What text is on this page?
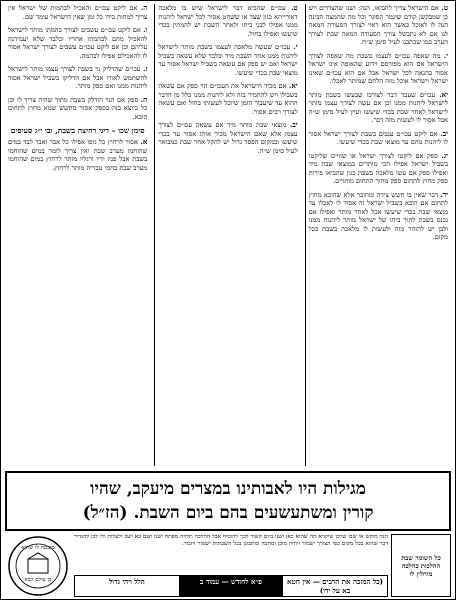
ט. אם הישראל צריך להביאו, הנה: ושנו שהצדדים ויש כן שמבקשן קודם שיגמר הסוגר וכל מה שהמצה הבינה הנה לו לאוכל כאשר הוא ראוי לצורך הסעודה המאה לנו אם לא נתבשל צורך הסעודה המאה שבת לצורך הערב כמו שכתבנו לעיל סימן ש״ח.

י. מה שאפה עכו״ם לעצמו בשבת מה שאפה לצורך הישראל אם הוא מפורסם וידוע שהאופה אינו ישראל אסור בהנאה לכל ישראל אבל אם הוא עכו״ם שאינו ישראל וישראל אוכל מזה הלחם שמותר לאכלו.

יא. עכו״ם שעבד דבר לצורכו שבעשו בשבת מותר לישראל ליהנות ממנו וכן אם עשה לצורך עצמו מותר לישראל לאחר שבת בכדי שיעשו ועיין לעיל סימן ש״ה אבל אסור לו לעשות מזה דבר.

יב. אם ליקט עכו״ם ענבים בשבת לצורך ישראל אסור לו ליהנות מהם עד מוצאי שבת בכדי שיעשו.

יג. ספק אם ליקטו לצורך ישראל או שוויים שליקטו בשביל ישראל אפילו הכי מותרים במוצאי שבת מיד ואפילו ספק אם עשו מלאכה בשבת כגון שהביאו פירות ספק מחוץ לתחום ספק מתוך התחום מותרים.

יד. דבר שאין בו חשש צידה ומחובר אלא שהובא מחוץ לתחום אם הובא בשביל ישראל זה אסור לו לאכלו עד מוצאי שבת בכדי שיעשו אבל לאחר מותר ואפילו אם נכנס בשבת לתוך ביתו של ישראל מותר ליהנות ממנו ולכן יש להזהר מזה ולעשות לו מלאכה בשבת בכל מקום.

ט. עכו״ם שהביא דבר לישראל שיש בו מלאכה דאורייתא כגון שצד או ששחט אסור לכל ישראל ליהנות ממנו אפילו לבני ביתו ולאחר השבת יש להמתין בכדי שיעשו ואפילו בחול.

י. עכו״ם שעשה מלאכה לעצמו בשבת מותר לישראל ליהנות ממנו אחר השבת מיד ובלבד שלא עשאה בשביל ישראל ואם יש ספק אם עשאה בשביל ישראל אסור עד מוצאי שבת בכדי שיעשו.

יא. אם מכיר הישראל את העכו״ם הוי ספק אם עשאה בשבילו ויש להחמיר בזה ולא ליהנות ממנו כלל מן הדבר ההוא עד שיעבור הזמן שיוכל לעשותו בחול ואם עשאה לצורך רבים אסור.

יב. מוצאי שבת מותר מיד אם עשאה עכו״ם לצורך עצמו אלא שאם הישראל מכיר אותו אסור עד בכדי שיעשו ובמקום הפסד גדול יש להקל אחר שבת כמבואר לעיל סימן ש״ה.

ה. אם ליקט עכו״ם והאכיל לבהמות של ישראל אין צריך למחות בידו כל זמן שאין הישראל עומד שם.

ו. אם ליקט עכו״ם עשבים לצורך בהמתו מותר לישראל להאכיל מהם לבהמתו אחריו ובלבד שלא יעמידנה עליהם וכן אם ליקט עכו״ם עשבים לצורך ישראל אסור לו להאכילם אפילו לבהמה.

ז. עכו״ם שהדליק נר בשבת לצורך עצמו מותר לישראל להשתמש לאורו אבל אם הדליקו בשביל ישראל אסור ליהנות ממנו ואם ספק מותר.

ח. ספק אם הנר הודלק בשבת מתוך שהיה צריך לו וכן כל כיוצא בזה בספק אסור מחשש שמא מחוץ לתחום הובא.

סימן שכו – דיני רחיצה בשבת, ובו י״ג סעיפים

א. אסור לרחוץ כל גופו אפילו כל אבר ואבר לבד במים שהוחמו מערב שבת ואין צריך לומר במים שהוחמו בשבת אבל פניו ידיו ורגליו מותר לרחוץ במים שהוחמו מערב שבת בחמי טבריה מותר לרחוץ.

מגילות היו לאבותינו במצרים מיעקב, שהיו
קורין ומשתעשעים בהם ביום השבת. (הז״ל)
כל השומר שבת ההלכות כהלכה מוחלין לו
הנה מוקש אי שבו שלכן שיקרא מה שהוא כאן ישנו ביום קשור לכך להוסיף אבל ההלכה תלויה מפתח ישנו ושם בא ושב ולעלות ולו לכן להגדיר דבר שהוא בכל מקום כפי הצורך ישמור ויהיה מוכן ומחכה ומתבונן בכל השבתות ישמור ויזכור.
(כל המזכה את הרבים — אין חטא בא על ידו)
פ״א לחודש — עמוד ב
הלל ויהי גדול
בן עולם הבא
מובטח לו שהוא
